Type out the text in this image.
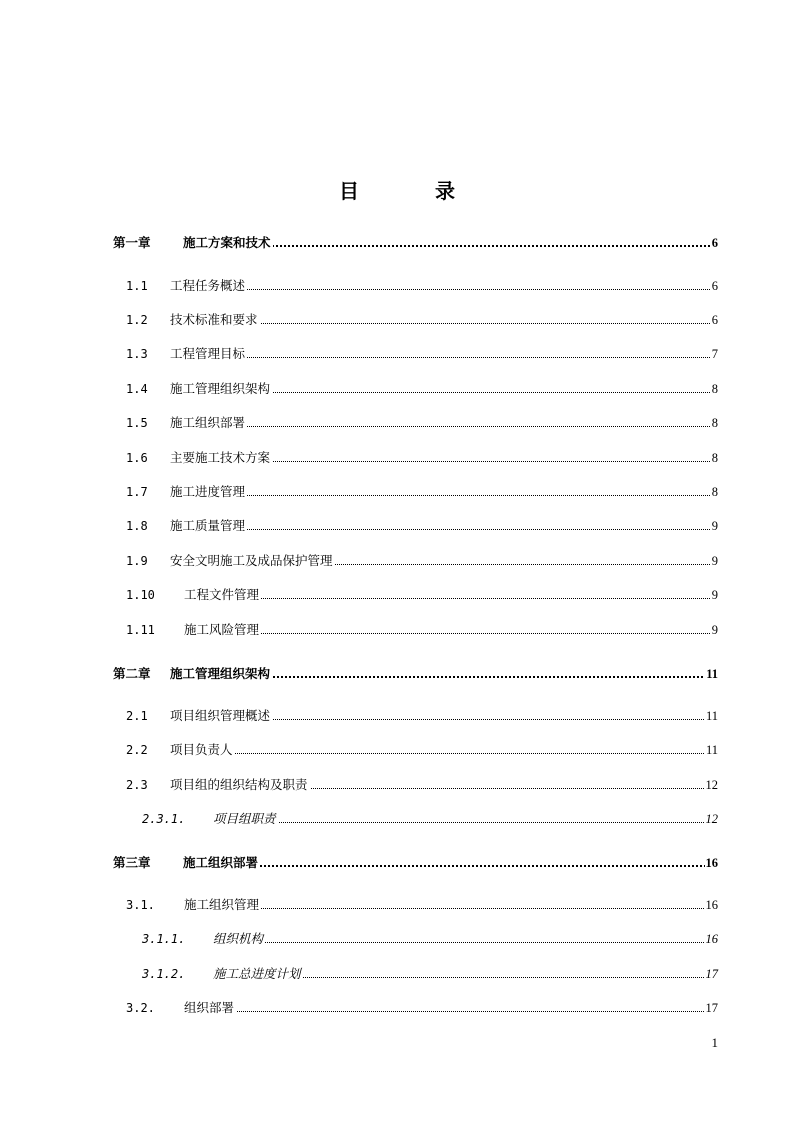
目　录
第一章	施工方案和技术	6
1.1 工程任务概述	6
1.2 技术标准和要求	6
1.3 工程管理目标	7
1.4 施工管理组织架构	8
1.5 施工组织部署	8
1.6 主要施工技术方案	8
1.7 施工进度管理	8
1.8 施工质量管理	9
1.9 安全文明施工及成品保护管理	9
1.10 工程文件管理	9
1.11 施工风险管理	9
第二章 施工管理组织架构	11
2.1 项目组织管理概述	11
2.2 项目负责人	11
2.3 项目组的组织结构及职责	12
2.3.1. 项目组职责	12
第三章	施工组织部署	16
3.1. 施工组织管理	16
3.1.1. 组织机构	16
3.1.2. 施工总进度计划	17
3.2. 组织部署	17
1
